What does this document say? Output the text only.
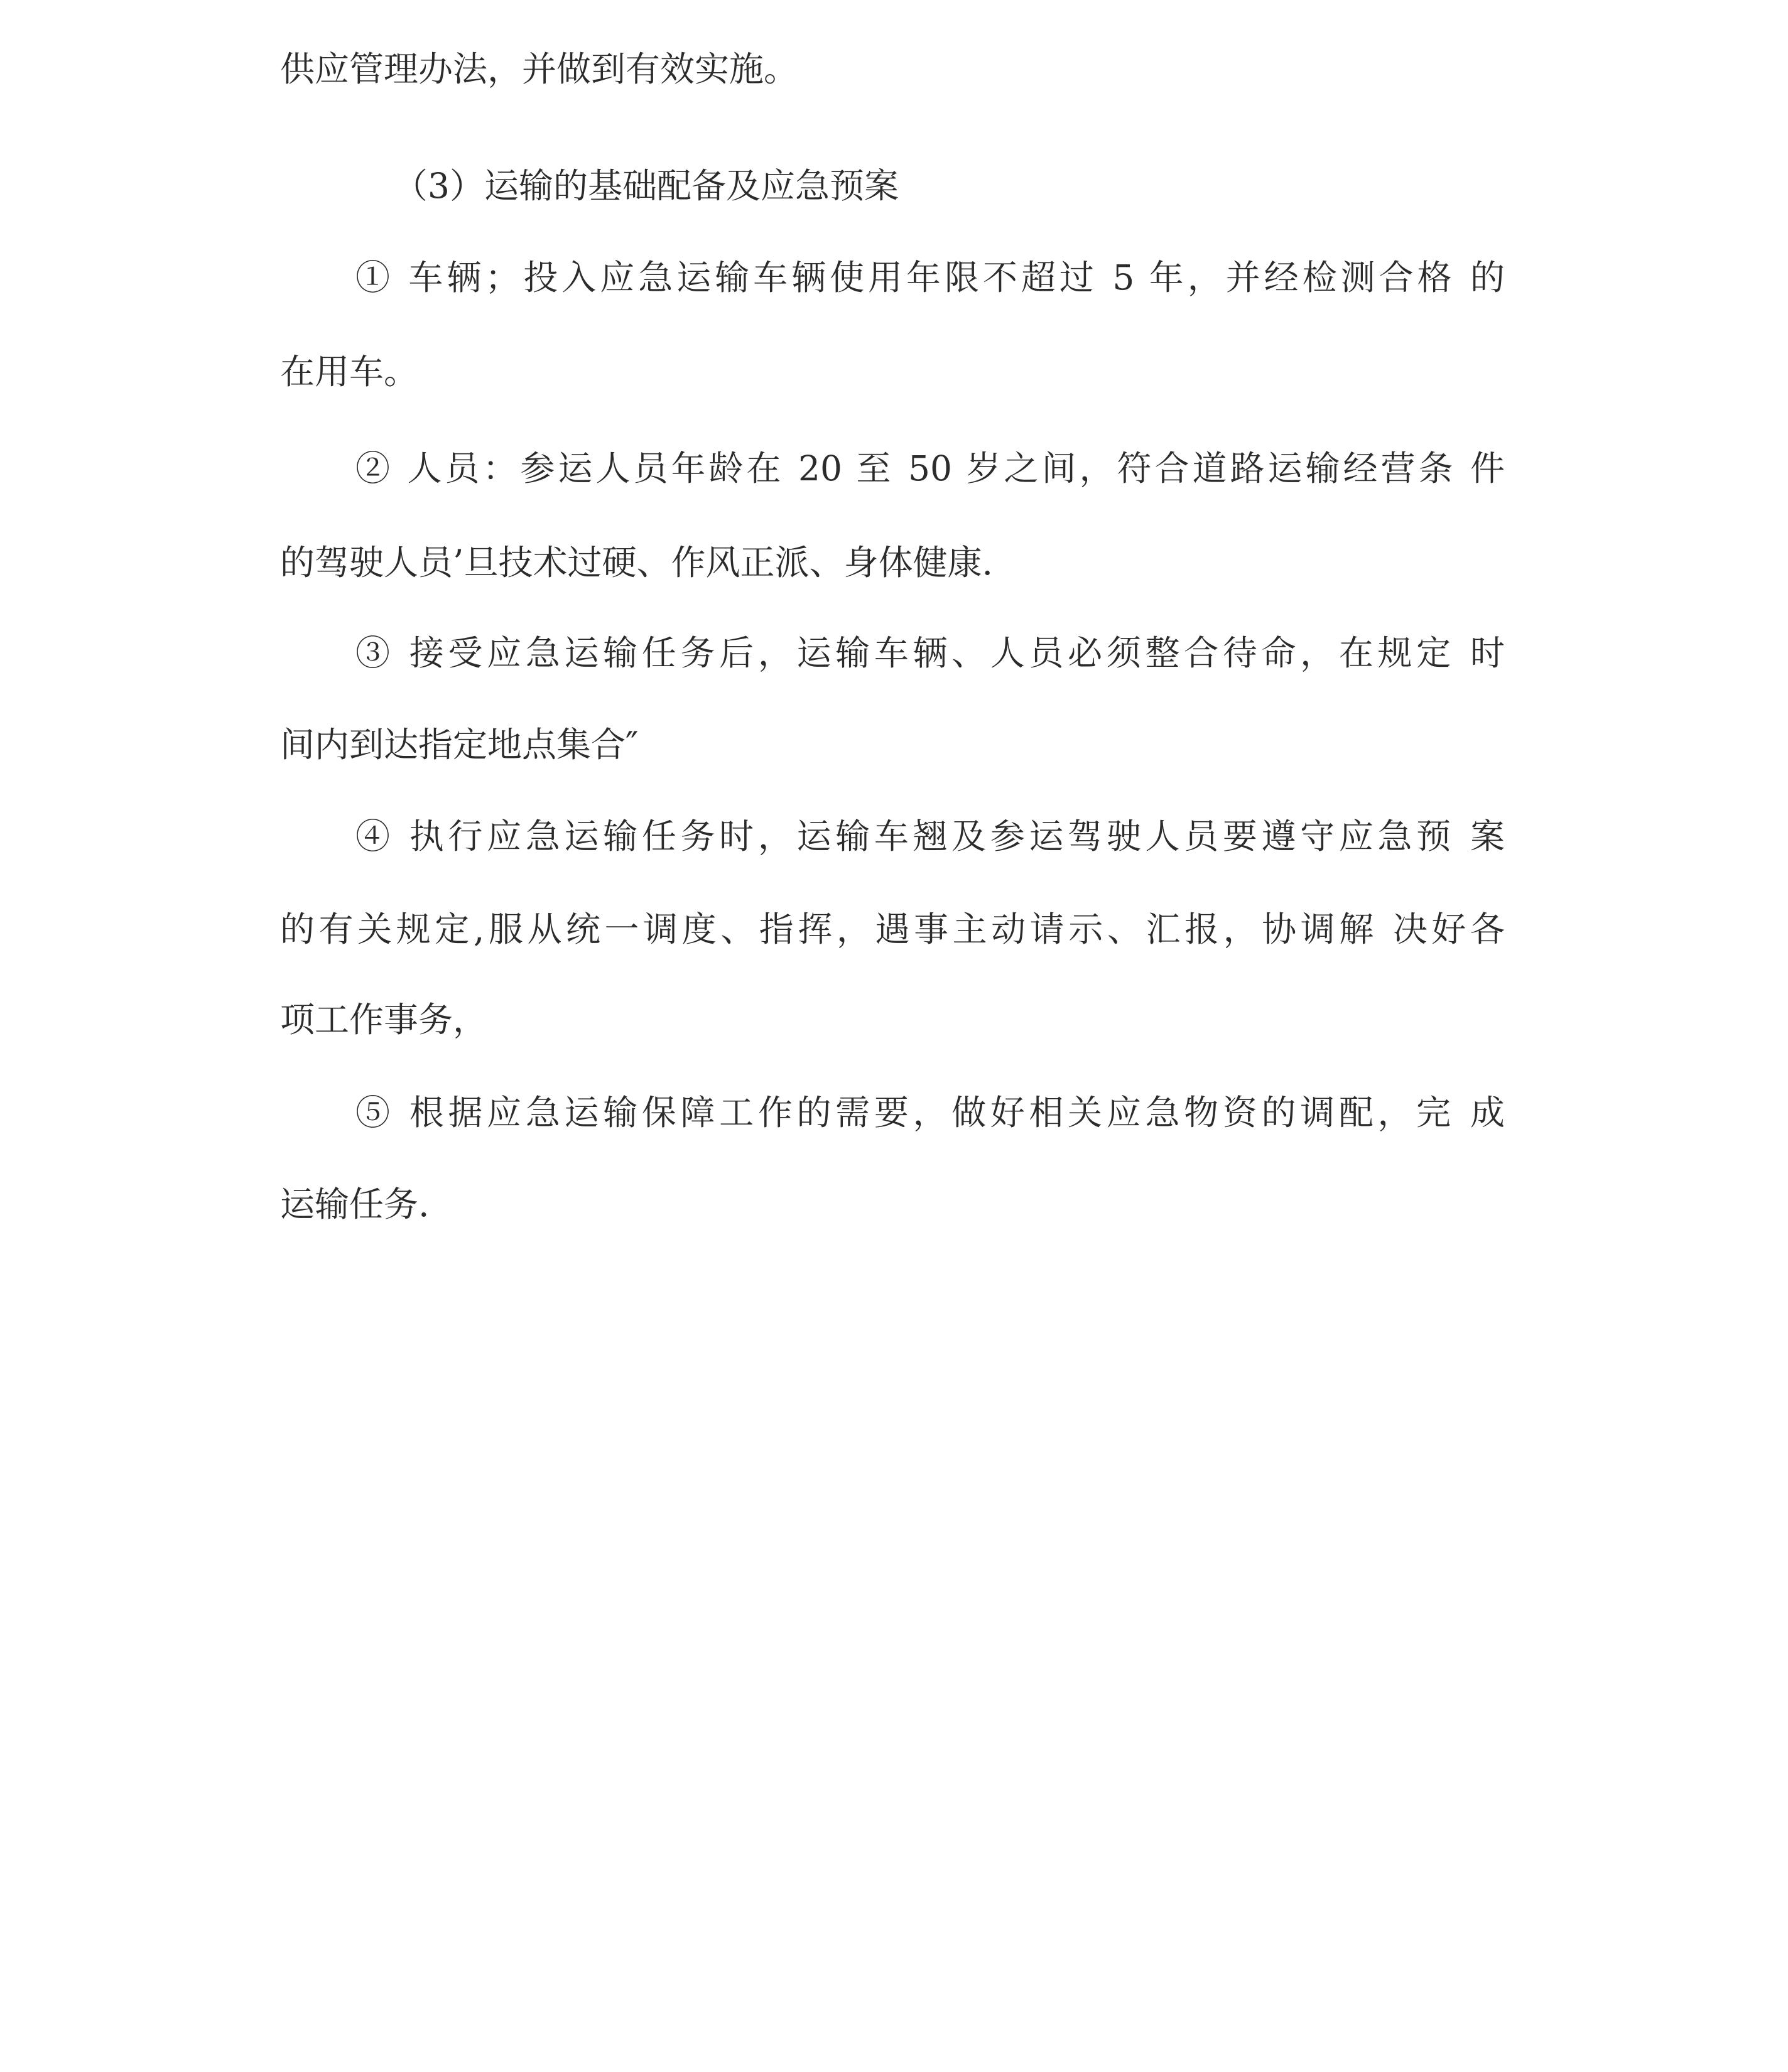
供应管理办法，并做到有效实施。

（3）运输的基础配备及应急预案

① 车辆；投入应急运输车辆使用年限不超过 5 年，并经检测合格 的

在用车。

② 人员：参运人员年龄在 20 至 50 岁之间，符合道路运输经营条 件

的驾驶人员’旦技术过硬、作风正派、身体健康.

③ 接受应急运输任务后，运输车辆、人员必须整合待命，在规定 时

间内到达指定地点集合″

④ 执行应急运输任务时，运输车翘及参运驾驶人员要遵守应急预 案

的有关规定,服从统一调度、指挥，遇事主动请示、汇报，协调解 决好各

项工作事务，

⑤ 根据应急运输保障工作的需要，做好相关应急物资的调配，完 成

运输任务.
